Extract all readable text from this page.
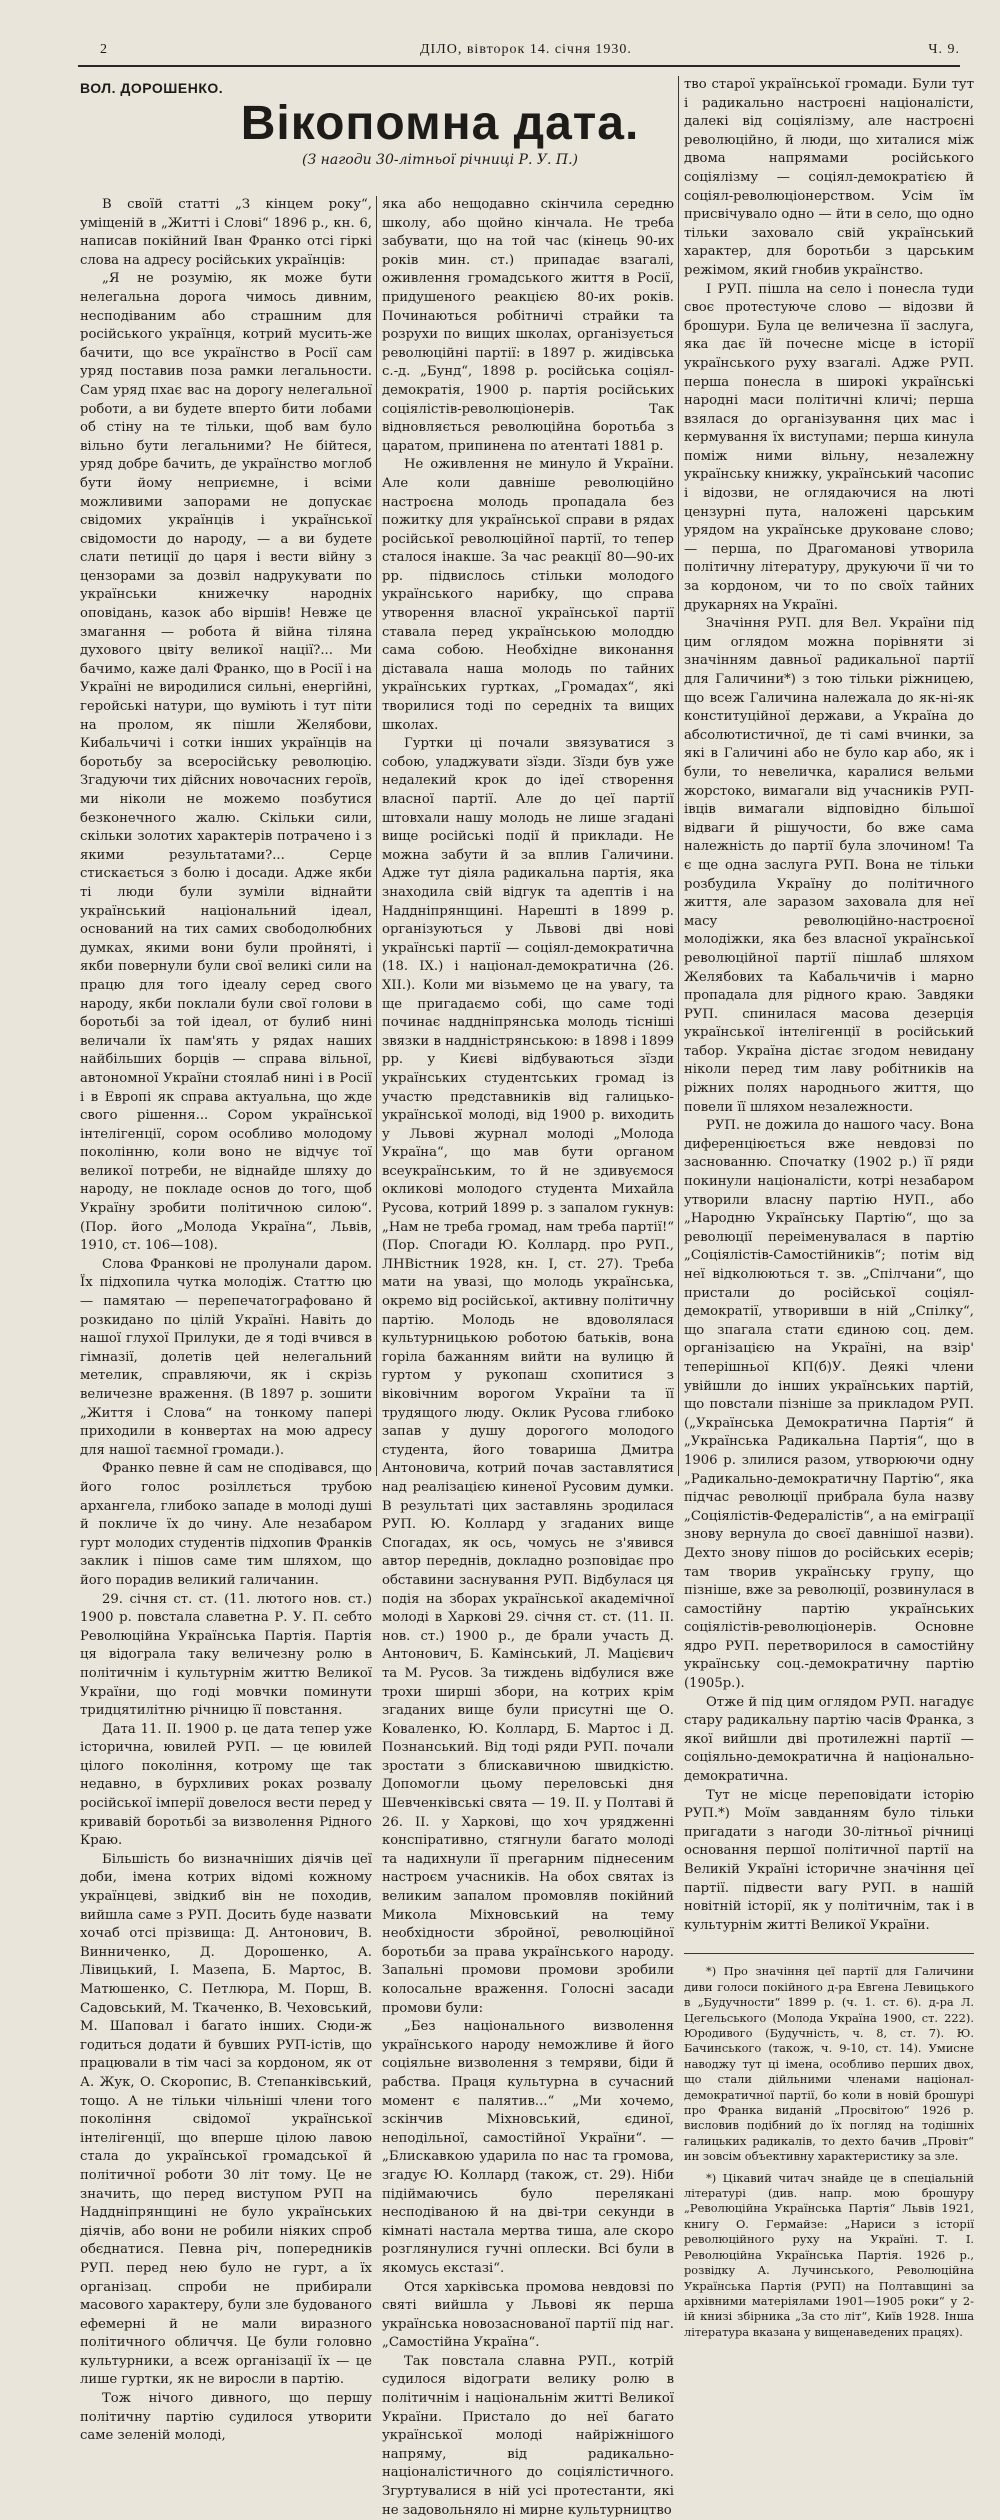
2	ДІЛО, вівторок 14. січня 1930.	Ч. 9.
ВОЛ. ДОРОШЕНКО.
Вікопомна дата.
(З нагоди 30-літньої річниці Р. У. П.)

В своїй статті „З кінцем року“, уміщеній в „Житті і Слові“ 1896 р., кн. 6, написав покійний Іван Франко отсі гіркі слова на адресу російських українців:

„Я не розумію, як може бути нелегальна дорога чимось дивним, несподіваним або страшним для російського українця, котрий мусить-же бачити, що все українство в Росії сам уряд поставив поза рамки легальности. Сам уряд пхає вас на дорогу нелегальної роботи, а ви будете вперто бити лобами об стіну на те тільки, щоб вам було вільно бути легальними? Не бійтеся, уряд добре бачить, де українство моглоб бути йому неприємне, і всіми можливими запорами не допускає свідомих українців і української свідомости до народу, — а ви будете слати петиції до царя і вести війну з цензорами за дозвіл надрукувати по українськи книжечку народніх оповідань, казок або віршів! Невже це змагання — робота й війна тіляна духового цвіту великої нації?... Ми бачимо, каже далі Франко, що в Росії і на Україні не виродилися сильні, енергійні, геройські натури, що вуміють і тут піти на пролом, як пішли Желябови, Кибальчичі і сотки інших українців на боротьбу за всеросійську революцію. Згадуючи тих дійсних новочасних героїв, ми ніколи не можемо позбутися безконечного жалю. Скільки сили, скільки золотих характерів потрачено і з якими результатами?... Серце стискається з болю і досади. Адже якби ті люди були зуміли віднайти український національний ідеал, оснований на тих самих свободолюбних думках, якими вони були пройняті, і якби повернули були свої великі сили на працю для того ідеалу серед свого народу, якби поклали були свої голови в боротьбі за той ідеал, от булиб нині величали їх пам'ять у рядах наших найбільших борців — справа вільної, автономної України стоялаб нині і в Росії і в Европі як справа актуальна, що жде свого рішення... Сором української інтелігенції, сором особливо молодому поколінню, коли воно не відчує тої великої потреби, не віднайде шляху до народу, не покладе основ до того, щоб Україну зробити політичною силою“. (Пор. його „Молода Україна“, Львів, 1910, ст. 106—108).

Слова Франкові не пролунали даром. Їх підхопила чутка молодіж. Статтю цю — памятаю — перепечатографовано й розкидано по цілій Україні. Навіть до нашої глухої Прилуки, де я тоді вчився в гімназії, долетів цей нелегальний метелик, справляючи, як і скрізь величезне враження. (В 1897 р. зошити „Життя і Слова“ на тонкому папері приходили в конвертах на мою адресу для нашої таємної громади.).

Франко певне й сам не сподівався, що його голос розіллється трубою архангела, глибоко западе в молоді душі й покличе їх до чину. Але незабаром гурт молодих студентів підхопив Франків заклик і пішов саме тим шляхом, що його порадив великий галичанин.

29. січня ст. ст. (11. лютого нов. ст.) 1900 р. повстала славетна Р. У. П. себто Революційна Українська Партія. Партія ця відограла таку величезну ролю в політичнім і культурнім життю Великої України, що годі мовчки поминути тридцятилітню річницю її повстання.

Дата 11. II. 1900 р. це дата тепер уже історична, ювилей РУП. — це ювилей цілого покоління, котрому ще так недавно, в бурхливих роках розвалу російської імперії довелося вести перед у кривавій боротьбі за визволення Рідного Краю.

Більшість бо визначніших діячів цеї доби, імена котрих відомі кожному українцеві, звідкиб він не походив, вийшла саме з РУП. Досить буде назвати хочаб отсі прізвища: Д. Антонович, В. Винниченко, Д. Дорошенко, А. Лівицький, І. Мазепа, Б. Мартос, В. Матюшенко, С. Петлюра, М. Порш, В. Садовський, М. Ткаченко, В. Чеховський, М. Шаповал і багато інших. Сюди-ж годиться додати й бувших РУП-істів, що працювали в тім часі за кордоном, як от А. Жук, О. Скоропис, В. Степанківський, тощо. А не тільки чільніші члени того покоління свідомої української інтелігенції, що вперше цілою лавою стала до української громадської й політичної роботи 30 літ тому. Це не значить, що перед виступом РУП на Наддніпрянщині не було українських діячів, або вони не робили ніяких спроб обєднатися. Певна річ, попередників РУП. перед нею було не гурт, а їх організац. спроби не прибирали масового характеру, були зле будованого ефемерні й не мали виразного політичного обличчя. Це були головно культурники, а всеж організації їх — це лише гуртки, як не виросли в партію.

Тож нічого дивного, що першу політичну партію судилося утворити саме зеленій молоді,

яка або нещодавно скінчила середню школу, або щойно кінчала. Не треба забувати, що на той час (кінець 90-их років мин. ст.) припадає взагалі, оживлення громадського життя в Росії, придушеного реакцією 80-их років. Починаються робітничі страйки та розрухи по вищих школах, організується революційні партії: в 1897 р. жидівська с.-д. „Бунд“, 1898 р. російська соціял-демократія, 1900 р. партія російських соціялістів-революціонерів. Так відновляється революційна боротьба з царатом, припинена по атентаті 1881 р.

Не оживлення не минуло й України. Але коли давніше революційно настроєна молодь пропадала без пожитку для української справи в рядах російської революційної партії, то тепер сталося інакше. За час реакції 80—90-их рр. підвислось стільки молодого українського нарибку, що справа утворення власної української партії ставала перед українською молоддю сама собою. Необхідне виконання діставала наша молодь по тайних українських гуртках, „Громадах“, які творилися тоді по середніх та вищих школах.

Гуртки ці почали звязуватися з собою, уладжувати зїзди. Зїзди був уже недалекий крок до ідеї створення власної партії. Але до цеї партії штовхали нашу молодь не лише згадані вище російські події й приклади. Не можна забути й за вплив Галичини. Адже тут діяла радикальна партія, яка знаходила свій відгук та адептів і на Наддніпрянщині. Нарешті в 1899 р. організуються у Львові дві нові українські партії — соціял-демократична (18. IX.) і націонал-демократична (26. XII.). Коли ми візьмемо це на увагу, та ще пригадаємо собі, що саме тоді починає наддніпрянська молодь тісніші звязки в наддністрянською: в 1898 і 1899 рр. у Києві відбуваються зїзди українських студентських громад із участю представників від галицько-української молоді, від 1900 р. виходить у Львові журнал молоді „Молода Україна“, що мав бути органом всеукраїнським, то й не здивуємося окликові молодого студента Михайла Русова, котрий 1899 р. з запалом гукнув: „Нам не треба громад, нам треба партії!“ (Пор. Спогади Ю. Коллард. про РУП., ЛНВістник 1928, кн. І, ст. 27). Треба мати на увазі, що молодь українська, окремо від російської, активну політичну партію. Молодь не вдоволялася культурницькою роботою батьків, вона горіла бажанням вийти на вулицю й гуртом у рукопаш схопитися з віковічним ворогом України та її трудящого люду. Оклик Русова глибоко запав у душу дорогого молодого студента, його товариша Дмитра Антоновича, котрий почав заставлятися над реалізацією киненої Русовим думки. В результаті цих заставлянь зродилася РУП. Ю. Коллард у згаданих вище Спогадах, як ось, чомусь не з'явився автор переднів, докладно розповідає про обставини заснування РУП. Відбулася ця подія на зборах української академічної молоді в Харкові 29. січня ст. ст. (11. II. нов. ст.) 1900 р., де брали участь Д. Антонович, Б. Камінський, Л. Мацієвич та М. Русов. За тиждень відбулися вже трохи ширші збори, на котрих крім згаданих вище були присутні ще О. Коваленко, Ю. Коллард, Б. Мартос і Д. Познанський. Від тоді ряди РУП. почали зростати з блискавичною швидкістю. Допомогли цьому переловські дня Шевченківські свята — 19. II. у Полтаві й 26. II. у Харкові, що хоч урядженні конспіративно, стягнули багато молоді та надихнули її прегарним піднесеним настроєм учасників. На обох святах із великим запалом промовляв покійний Микола Міхновський на тему необхідности збройної, революційної боротьби за права українського народу. Запальні промови промови зробили колосальне враження. Голосні засади промови були:

„Без національного визволення українського народу неможливе й його соціяльне визволення з темряви, біди й рабства. Праця культурна в сучасний момент є палятив...“ „Ми хочемо, зскінчив Міхновський, єдиної, неподільної, самостійної України“. — „Блискавкою ударила по нас та громова, згадує Ю. Коллард (також, ст. 29). Ніби підіймаючись було перелякані несподіваною й на дві-три секунди в кімнаті настала мертва тиша, але скоро розглянулися гучні оплески. Всі були в якомусь екстазі“.

Отся харківська промова невдовзі по святі вийшла у Львові як перша українська новозаснованої партії під наг. „Самостійна Україна“.

Так повстала славна РУП., котрій судилося відограти велику ролю в політичнім і національнім житті Великої України. Пристало до неї багато української молоді найріжнішого напряму, від радикально-націоналістичного до соціялістичного. Згуртувалися в ній усі протестанти, які не задовольняло ні мирне культурництво

тво старої української громади. Були тут і радикально настроєні націоналісти, далекі від соціялізму, але настроєні революційно, й люди, що хиталися між двома напрямами російського соціялізму — соціял-демократією й соціял-революціонерством. Усім їм присвічувало одно — йти в село, що одно тільки заховало свій український характер, для боротьби з царським режімом, який гнобив українство.

І РУП. пішла на село і понесла туди своє протестуюче слово — відозви й брошури. Була це величезна її заслуга, яка дає їй почесне місце в історії українського руху взагалі. Адже РУП. перша понесла в широкі українські народні маси політичні кличі; перша взялася до організування цих мас і кермування їх виступами; перша кинула поміж ними вільну, незалежну українську книжку, український часопис і відозви, не оглядаючися на люті цензурні пута, наложені царським урядом на українське друковане слово; — перша, по Драгоманові утворила політичну літературу, друкуючи її чи то за кордоном, чи то по своїх тайних друкарнях на Україні.

Значіння РУП. для Вел. України під цим оглядом можна порівняти зі значінням давньої радикальної партії для Галичини*) з тою тільки ріжницею, що всеж Галичина належала до як-ні-як конституційної держави, а Україна до абсолютистичної, де ті самі вчинки, за які в Галичині або не було кар або, як і були, то невеличка, каралися вельми жорстоко, вимагали від учасників РУП-івців вимагали відповідно більшої відваги й рішучости, бо вже сама належність до партії була злочином! Та є ще одна заслуга РУП. Вона не тільки розбудила Україну до політичного життя, але заразом заховала для неї масу революційно-настроєної молодіжки, яка без власної української революційної партії пішлаб шляхом Желябових та Кабальчичів і марно пропадала для рідного краю. Завдяки РУП. спинилася масова дезерція української інтелігенції в російський табор. Україна дістає згодом невидану ніколи перед тим лаву робітників на ріжних полях народнього життя, що повели її шляхом незалежности.

РУП. не дожила до нашого часу. Вона диференціюється вже невдовзі по заснованню. Спочатку (1902 р.) її ряди покинули націоналісти, котрі незабаром утворили власну партію НУП., або „Народню Українську Партію“, що за революції переіменувалася в партію „Соціялістів-Самостійників“; потім від неї відколюються т. зв. „Спілчани“, що пристали до російської соціял-демократії, утворивши в ній „Спілку“, що зпагала стати єдиною соц. дем. організацією на Україні, на взір' теперішньої КП(б)У. Деякі члени увійшли до інших українських партій, що повстали пізніше за прикладом РУП. („Українська Демократична Партія“ й „Українська Радикальна Партія“, що в 1906 р. злилися разом, утворюючи одну „Радикально-демократичну Партію“, яка підчас революції прибрала була назву „Соціялістів-Федералістів“, а на еміграції знову вернула до своєї давнішої назви). Дехто знову пішов до російських есерів; там творив українську групу, що пізніше, вже за революції, розвинулася в самостійну партію українських соціялістів-революціонерів. Основне ядро РУП. перетворилося в самостійну українську соц.-демократичну партію (1905р.).

Отже й під цим оглядом РУП. нагадує стару радикальну партію часів Франка, з якої вийшли дві протилежні партії — соціяльно-демократична й національно-демократична.

Тут не місце переповідати історію РУП.*) Моїм завданням було тільки пригадати з нагоди 30-літньої річниці основання першої політичної партії на Великій Україні історичне значіння цеї партії. підвести вагу РУП. в нашій новітній історії, як у політичнім, так і в культурнім житті Великої України.

*) Про значіння цеї партії для Галичини диви голоси покійного д-ра Евгена Левицького в „Будучности“ 1899 р. (ч. 1. ст. 6). д-ра Л. Цегельського (Молода Україна 1900, ст. 222). Юродивого (Будучність, ч. 8, ст. 7). Ю. Бачинського (також, ч. 9-10, ст. 14). Умисне наводжу тут ці імена, особливо перших двох, що стали дійльними членами націонал-демократичної партії, бо коли в новій брошурі про Франка виданій „Просвітою“ 1926 р. висловив подібний до їх погляд на тодішніх галицьких радикалів, то дехто бачив „Провіт“ ин зовсім объективну характеристику за зле.

*) Цікавий читач знайде це в спеціальній літературі (див. напр. мою брошуру „Революційна Українська Партія“ Львів 1921, книгу О. Гермайзе: „Нариси з історії революційного руху на Україні. Т. І. Революційна Українська Партія. 1926 р., розвідку А. Лучинського, Революційна Українська Партія (РУП) на Полтавщині за архівними матеріялами 1901—1905 роки“ у 2-ій книзі збірника „За сто літ“, Київ 1928. Інша література вказана у вищенаведених працях).
